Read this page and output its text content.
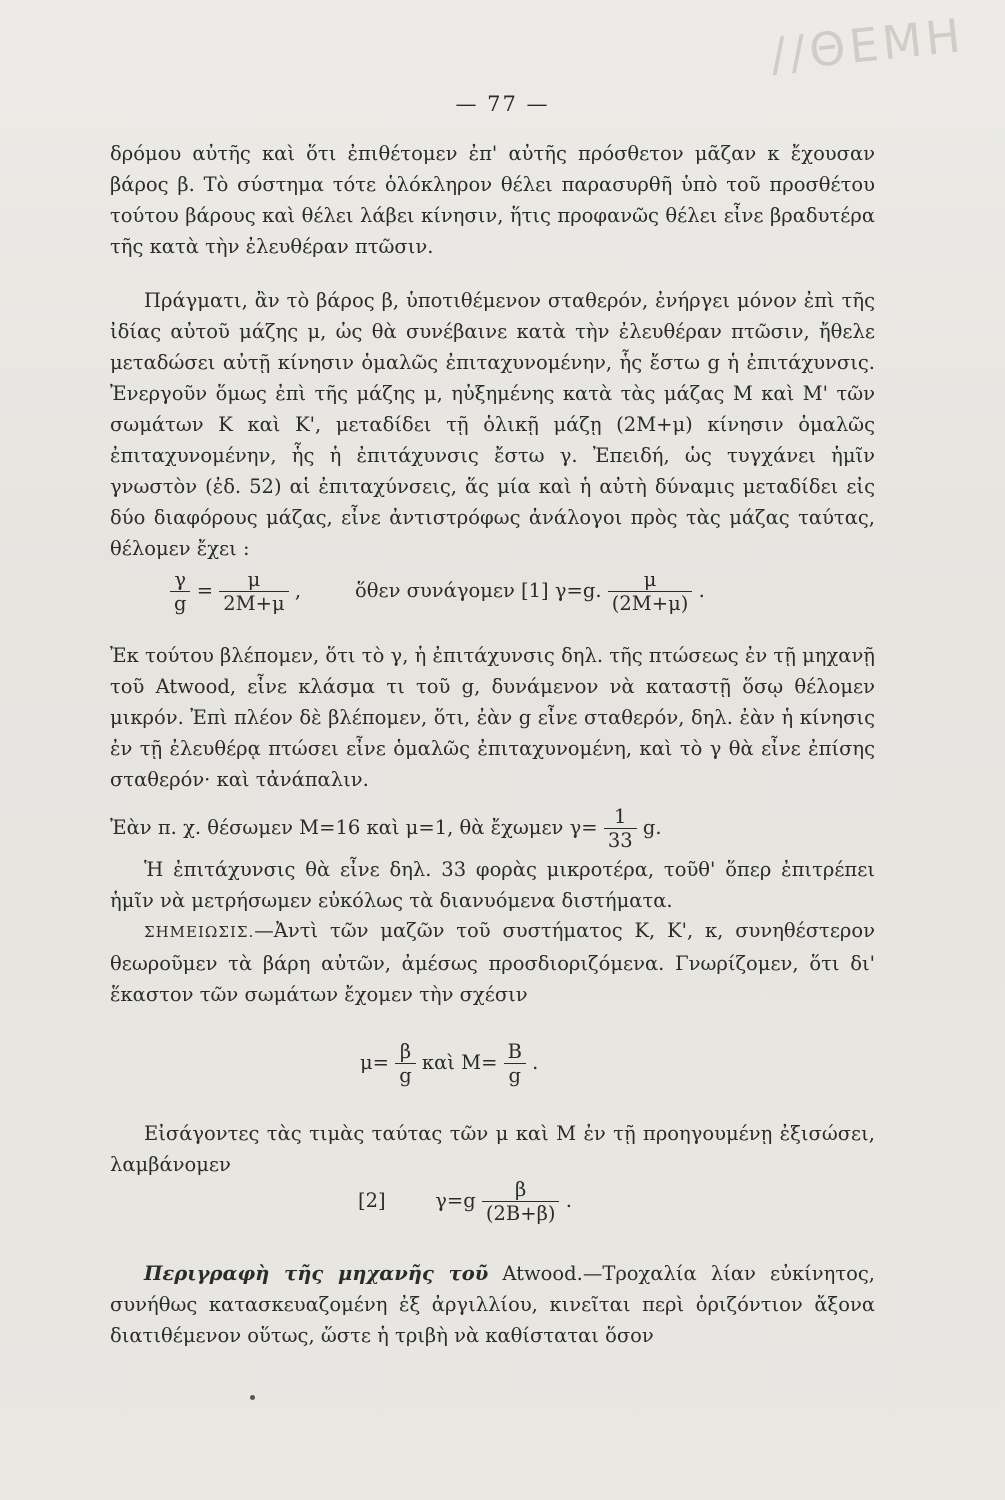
//ΘΕΜΗ
— 77 —
δρόμου αὐτῆς καὶ ὅτι ἐπιθέτομεν ἐπ' αὐτῆς πρόσθετον μᾶζαν κ ἔχουσαν βάρος β. Τὸ σύστημα τότε ὁλόκληρον θέλει παρασυρθῆ ὑπὸ τοῦ προσθέτου τούτου βάρους καὶ θέλει λάβει κίνησιν, ἥτις προφανῶς θέλει εἶνε βραδυτέρα τῆς κατὰ τὴν ἐλευθέραν πτῶσιν.
Πράγματι, ἂν τὸ βάρος β, ὑποτιθέμενον σταθερόν, ἐνήργει μόνον ἐπὶ τῆς ἰδίας αὐτοῦ μάζης μ, ὡς θὰ συνέβαινε κατὰ τὴν ἐλευθέραν πτῶσιν, ἤθελε μεταδώσει αὐτῇ κίνησιν ὁμαλῶς ἐπιταχυνομένην, ἧς ἔστω g ἡ ἐπιτάχυνσις. Ἐνεργοῦν ὅμως ἐπὶ τῆς μάζης μ, ηὐξημένης κατὰ τὰς μάζας Μ καὶ Μ' τῶν σωμάτων Κ καὶ Κ', μεταδίδει τῇ ὁλικῇ μάζῃ (2Μ+μ) κίνησιν ὁμαλῶς ἐπιταχυνομένην, ἧς ἡ ἐπιτάχυνσις ἔστω γ. Ἐπειδή, ὡς τυγχάνει ἡμῖν γνωστὸν (ἐδ. 52) αἱ ἐπιταχύνσεις, ἅς μία καὶ ἡ αὐτὴ δύναμις μεταδίδει εἰς δύο διαφόρους μάζας, εἶνε ἀντιστρόφως ἀνάλογοι πρὸς τὰς μάζας ταύτας, θέλομεν ἔχει :
$\frac{\gamma}{g} = \frac{\mu}{2M+\mu}$ ,	ὅθεν συνάγομεν [1] γ=g. $\frac{\mu}{(2M+\mu)}$ .
Ἐκ τούτου βλέπομεν, ὅτι τὸ γ, ἡ ἐπιτάχυνσις δηλ. τῆς πτώσεως ἐν τῇ μηχανῇ τοῦ Atwood, εἶνε κλάσμα τι τοῦ g, δυνάμενον νὰ καταστῇ ὅσῳ θέλομεν μικρόν. Ἐπὶ πλέον δὲ βλέπομεν, ὅτι, ἐὰν g εἶνε σταθερόν, δηλ. ἐὰν ἡ κίνησις ἐν τῇ ἐλευθέρᾳ πτώσει εἶνε ὁμαλῶς ἐπιταχυνομένη, καὶ τὸ γ θὰ εἶνε ἐπίσης σταθερόν· καὶ τἀνάπαλιν.
Ἐὰν π. χ. θέσωμεν Μ=16 καὶ μ=1, θὰ ἔχωμεν $\gamma= \frac{1}{33} g$.
Ἡ ἐπιτάχυνσις θὰ εἶνε δηλ. 33 φορὰς μικροτέρα, τοῦθ' ὅπερ ἐπιτρέπει ἡμῖν νὰ μετρήσωμεν εὐκόλως τὰ διανυόμενα διστήματα.
ΣΗΜΕΙΩΣΙΣ.—Ἀντὶ τῶν μαζῶν τοῦ συστήματος Κ, Κ', κ, συνηθέστερον θεωροῦμεν τὰ βάρη αὐτῶν, ἀμέσως προσδιοριζόμενα. Γνωρίζομεν, ὅτι δι' ἕκαστον τῶν σωμάτων ἔχομεν τὴν σχέσιν
$\mu= \frac{\beta}{g}$ καὶ $M= \frac{B}{g}$ .
Εἰσάγοντες τὰς τιμὰς ταύτας τῶν μ καὶ Μ ἐν τῇ προηγουμένῃ ἐξισώσει, λαμβάνομεν
[2]	$\gamma=g \frac{\beta}{(2B+\beta)}$ .
Περιγραφὴ τῆς μηχανῆς τοῦ Atwood.—Τροχαλία λίαν εὐκίνητος, συνήθως κατασκευαζομένη ἐξ ἀργιλλίου, κινεῖται περὶ ὁριζόντιον ἄξονα διατιθέμενον οὕτως, ὥστε ἡ τριβὴ νὰ καθίσταται ὅσον
